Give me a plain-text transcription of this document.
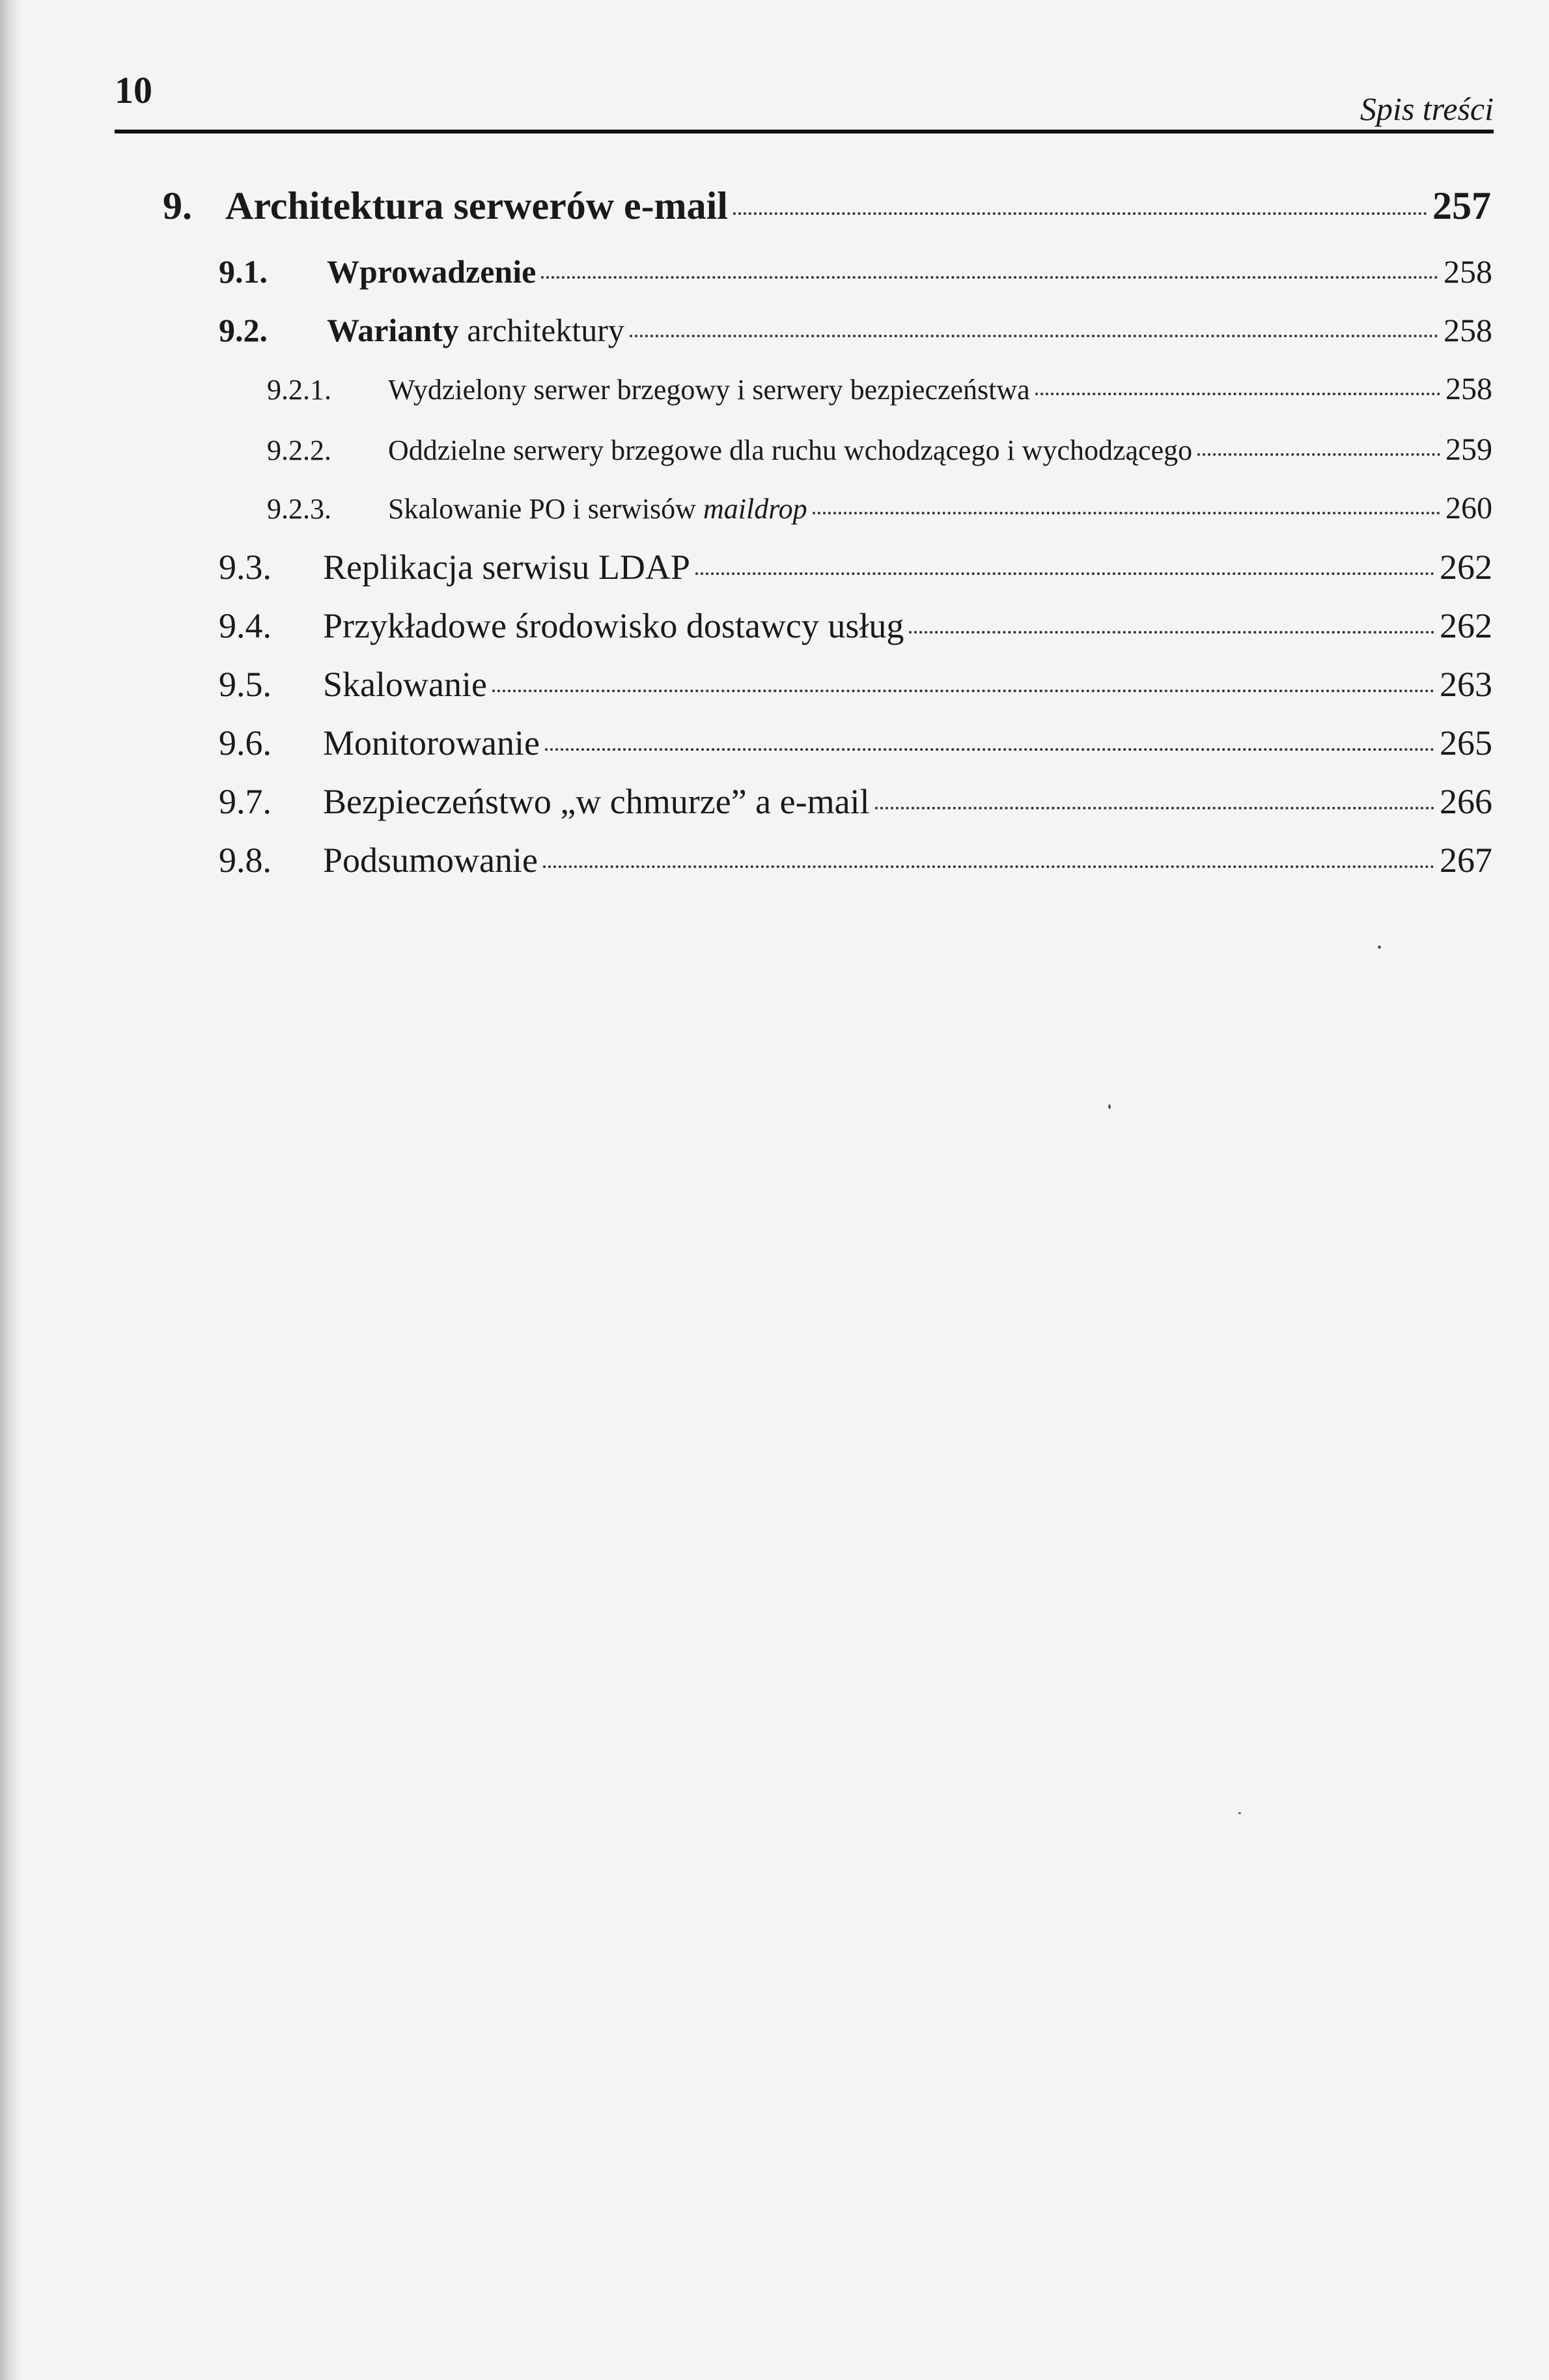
10	Spis treści
9. Architektura serwerów e-mail	257
9.1.	Wprowadzenie	258
9.2.	Warianty architektury	258
9.2.1.	Wydzielony serwer brzegowy i serwery bezpieczeństwa	258
9.2.2.	Oddzielne serwery brzegowe dla ruchu wchodzącego i wychodzącego	259
9.2.3.	Skalowanie PO i serwisów maildrop	260
9.3.	Replikacja serwisu LDAP	262
9.4.	Przykładowe środowisko dostawcy usług	262
9.5.	Skalowanie	263
9.6.	Monitorowanie	265
9.7.	Bezpieczeństwo „w chmurze” a e-mail	266
9.8.	Podsumowanie	267
